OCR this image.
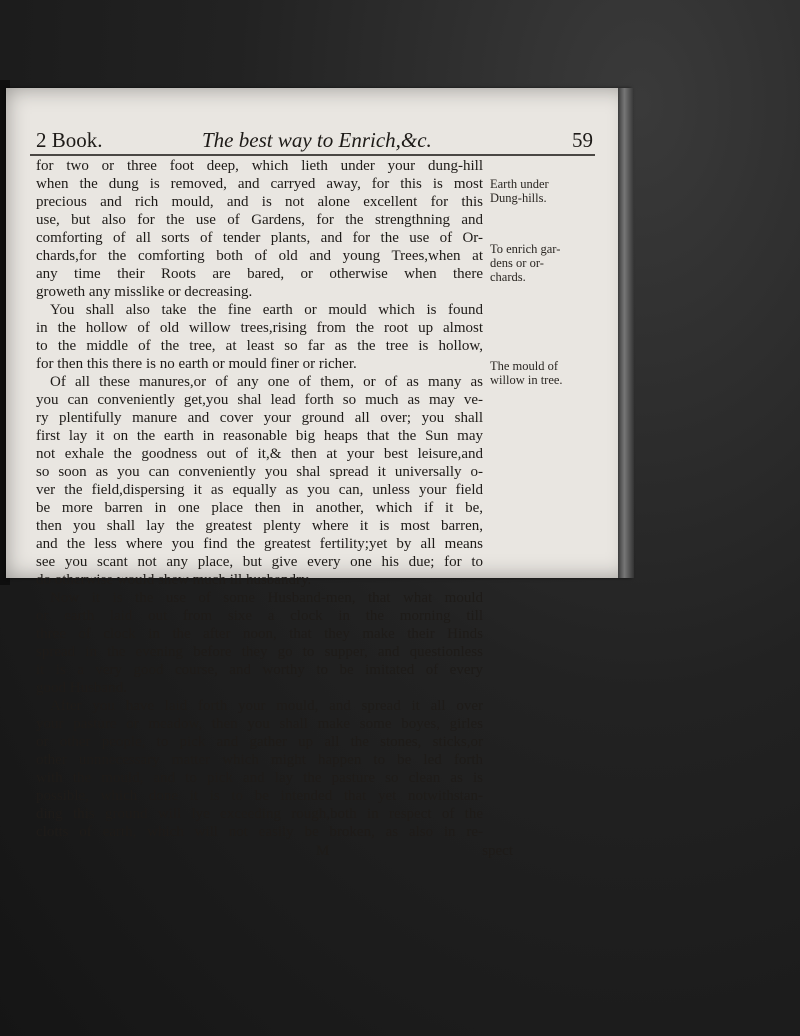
2 Book.	The best way to Enrich,&c.	59
for two or three foot deep, which lieth under your dung-hill
when the dung is removed, and carryed away, for this is most
precious and rich mould, and is not alone excellent for this
use, but also for the use of Gardens, for the strengthning and
comforting of all sorts of tender plants, and for the use of Or-
chards,for the comforting both of old and young Trees,when at
any time their Roots are bared, or otherwise when there
groweth any misslike or decreasing.
You shall also take the fine earth or mould which is found
in the hollow of old willow trees,rising from the root up almost
to the middle of the tree, at least so far as the tree is hollow,
for then this there is no earth or mould finer or richer.
Of all these manures,or of any one of them, or of as many as
you can conveniently get,you shal lead forth so much as may ve-
ry plentifully manure and cover your ground all over; you shall
first lay it on the earth in reasonable big heaps that the Sun may
not exhale the goodness out of it,& then at your best leisure,and
so soon as you can conveniently you shal spread it universally o-
ver the field,dispersing it as equally as you can, unless your field
be more barren in one place then in another, which if it be,
then you shall lay the greatest plenty where it is most barren,
and the less where you find the greatest fertility;yet by all means
see you scant not any place, but give every one his due; for to
do otherwise would shew much ill husbandry.
Now it is the use of some Husband-men, that what mould
or earth laid out from sixe a clock in the morning till
three of clock in the after noon, that they make their Hinds
spread in the evening before they go to supper, and questionless
it is a very good course, and worthy to be imitated of every
good Husband.
After you have laid forth your mould, and spread it all over
your pasture or meadow, then you shall make some boyes, girles
or other people, to pick and gather up all the stones, sticks,or
other unnnecessary matter which might happen to be led forth
with the mould, and to pick and lay the pasture so clean as is
possible, which done it is to be intended that yet notwithstan-
ding this ground will lye exceeding rough,both in respect of the
clotts of earth, which will not easily be broken, as also in re-
M	spect
Earth under
Dung-hills.
To enrich gar-
dens or or-
chards.
The mould of
willow in tree.
